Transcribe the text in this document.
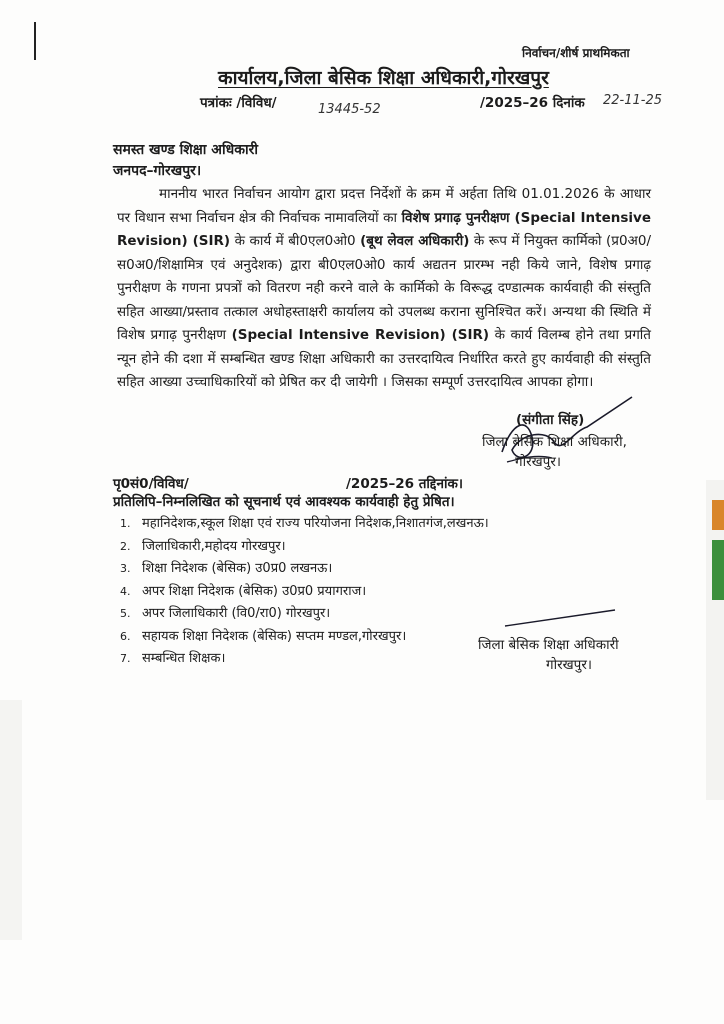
निर्वाचन/शीर्ष प्राथमिकता
कार्यालय,जिला बेसिक शिक्षा अधिकारी,गोरखपुर
पत्रांकः /विविध/	13445-52	/2025–26 दिनांक 22-11-25
समस्त खण्ड शिक्षा अधिकारी
जनपद–गोरखपुर।
माननीय भारत निर्वाचन आयोग द्वारा प्रदत्त निर्देशों के क्रम में अर्हता तिथि 01.01.2026 के आधार पर विधान सभा निर्वाचन क्षेत्र की निर्वाचक नामावलियों का विशेष प्रगाढ़ पुनरीक्षण (Special Intensive Revision) (SIR) के कार्य में बी0एल0ओ0 (बूथ लेवल अधिकारी) के रूप में नियुक्त कार्मिको (प्र0अ0/स0अ0/शिक्षामित्र एवं अनुदेशक) द्वारा बी0एल0ओ0 कार्य अद्यतन प्रारम्भ नही किये जाने, विशेष प्रगाढ़ पुनरीक्षण के गणना प्रपत्रों को वितरण नही करने वाले के कार्मिको के विरूद्ध दण्डात्मक कार्यवाही की संस्तुति सहित आख्या/प्रस्ताव तत्काल अधोहस्ताक्षरी कार्यालय को उपलब्ध कराना सुनिश्चित करें। अन्यथा की स्थिति में विशेष प्रगाढ़ पुनरीक्षण (Special Intensive Revision) (SIR) के कार्य विलम्ब होने तथा प्रगति न्यून होने की दशा में सम्बन्धित खण्ड शिक्षा अधिकारी का उत्तरदायित्व निर्धारित करते हुए कार्यवाही की संस्तुति सहित आख्या उच्चाधिकारियों को प्रेषित कर दी जायेगी । जिसका सम्पूर्ण उत्तरदायित्व आपका होगा।
(संगीता सिंह)
जिला बेसिक शिक्षा अधिकारी,
गोरखपुर।
पृ0सं0/विविध/	/2025–26 तद्दिनांक।
प्रतिलिपि–निम्नलिखित को सूचनार्थ एवं आवश्यक कार्यवाही हेतु प्रेषित।
1. महानिदेशक,स्कूल शिक्षा एवं राज्य परियोजना निदेशक,निशातगंज,लखनऊ।
2. जिलाधिकारी,महोदय गोरखपुर।
3. शिक्षा निदेशक (बेसिक) उ0प्र0 लखनऊ।
4. अपर शिक्षा निदेशक (बेसिक) उ0प्र0 प्रयागराज।
5. अपर जिलाधिकारी (वि0/रा0) गोरखपुर।
6. सहायक शिक्षा निदेशक (बेसिक) सप्तम मण्डल,गोरखपुर।
7. सम्बन्धित शिक्षक।
जिला बेसिक शिक्षा अधिकारी
गोरखपुर।
